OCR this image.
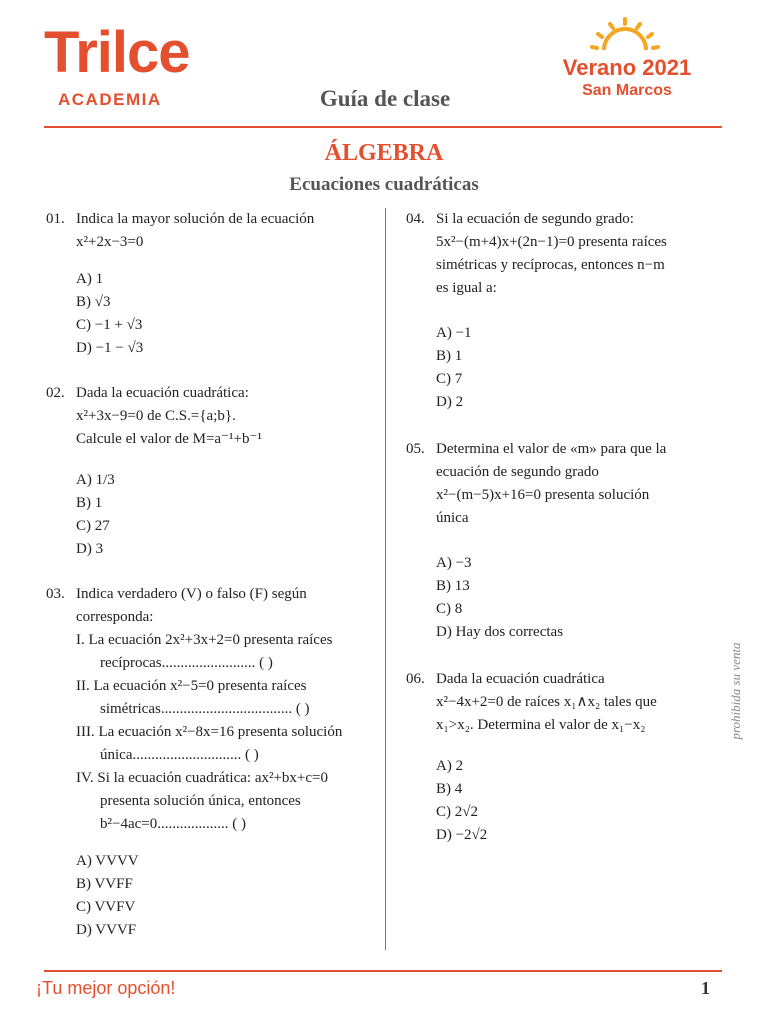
Trilce
ACADEMIA	Guía de clase
Verano 2021
San Marcos
ÁLGEBRA
Ecuaciones cuadráticas
01. Indica la mayor solución de la ecuación
x²+2x−3=0
A) 1
B) √3
C) −1 + √3
D) −1 − √3
02. Dada la ecuación cuadrática:
x²+3x−9=0 de C.S.={a;b}.
Calcule el valor de M=a⁻¹+b⁻¹
A) 1/3
B) 1
C) 27
D) 3
03. Indica verdadero (V) o falso (F) según
corresponda:
I. La ecuación 2x²+3x+2=0 presenta raíces recíprocas......................... ( )
II. La ecuación x²−5=0 presenta raíces simétricas................................... ( )
III. La ecuación x²−8x=16 presenta solución única............................. ( )
IV. Si la ecuación cuadrática: ax²+bx+c=0 presenta solución única, entonces b²−4ac=0................... ( )
A) VVVV
B) VVFF
C) VVFV
D) VVVF
04. Si la ecuación de segundo grado:
5x²−(m+4)x+(2n−1)=0 presenta raíces
simétricas y recíprocas, entonces n−m
es igual a:
A) −1
B) 1
C) 7
D) 2
05. Determina el valor de «m» para que la
ecuación de segundo grado
x²−(m−5)x+16=0 presenta solución
única
A) −3
B) 13
C) 8
D) Hay dos correctas
06. Dada la ecuación cuadrática
x²−4x+2=0 de raíces x₁∧x₂ tales que
x₁>x₂. Determina el valor de x₁−x₂
A) 2
B) 4
C) 2√2
D) −2√2
prohibida su venta
¡Tu mejor opción!	1
